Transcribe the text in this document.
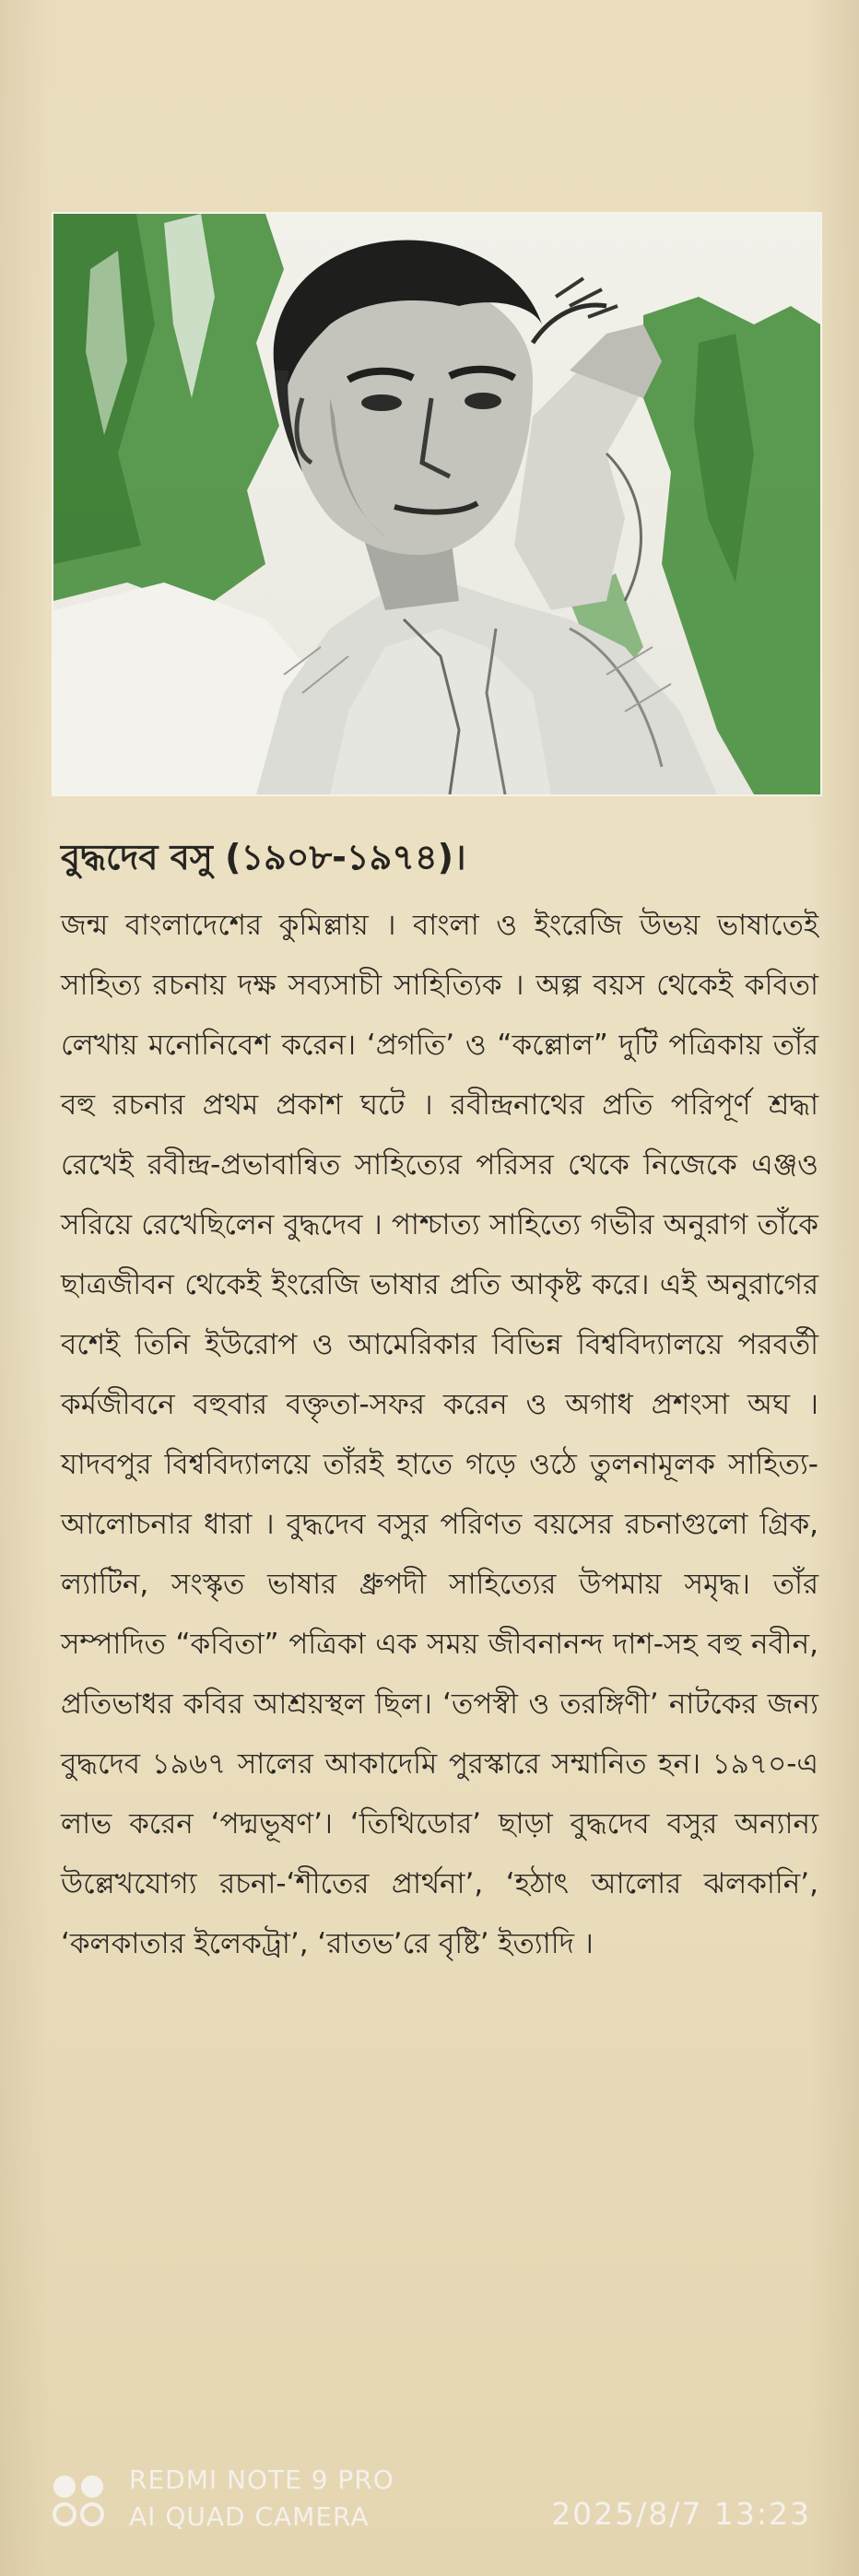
বুদ্ধদেব বসু (১৯০৮-১৯৭৪)।

জন্ম বাংলাদেশের কুমিল্লায় । বাংলা ও ইংরেজি উভয় ভাষাতেই সাহিত্য রচনায় দক্ষ সব্যসাচী সাহিত্যিক । অল্প বয়স থেকেই কবিতা লেখায় মনোনিবেশ করেন। ‘প্রগতি’ ও “কল্লোল” দুটি পত্রিকায় তাঁর বহু রচনার প্রথম প্রকাশ ঘটে । রবীন্দ্রনাথের প্রতি পরিপূর্ণ শ্রদ্ধা রেখেই রবীন্দ্র-প্রভাবান্বিত সাহিত্যের পরিসর থেকে নিজেকে এঞ্জও সরিয়ে রেখেছিলেন বুদ্ধদেব । পাশ্চাত্য সাহিত্যে গভীর অনুরাগ তাঁকে ছাত্রজীবন থেকেই ইংরেজি ভাষার প্রতি আকৃষ্ট করে। এই অনুরাগের বশেই তিনি ইউরোপ ও আমেরিকার বিভিন্ন বিশ্ববিদ্যালয়ে পরবর্তী কর্মজীবনে বহুবার বক্তৃতা-সফর করেন ও অগাধ প্রশংসা অঘ । যাদবপুর বিশ্ববিদ্যালয়ে তাঁরই হাতে গড়ে ওঠে তুলনামূলক সাহিত্য-আলোচনার ধারা । বুদ্ধদেব বসুর পরিণত বয়সের রচনাগুলো গ্রিক, ল্যাটিন, সংস্কৃত ভাষার ধ্রুপদী সাহিত্যের উপমায় সমৃদ্ধ। তাঁর সম্পাদিত “কবিতা” পত্রিকা এক সময় জীবনানন্দ দাশ-সহ বহু নবীন, প্রতিভাধর কবির আশ্রয়স্থল ছিল। ‘তপস্বী ও তরঙ্গিণী’ নাটকের জন্য বুদ্ধদেব ১৯৬৭ সালের আকাদেমি পুরস্কারে সম্মানিত হন। ১৯৭০-এ লাভ করেন ‘পদ্মভূষণ’। ‘তিথিডোর’ ছাড়া বুদ্ধদেব বসুর অন্যান্য উল্লেখযোগ্য রচনা-‘শীতের প্রার্থনা’, ‘হঠাৎ আলোর ঝলকানি’, ‘কলকাতার ইলেকট্রা’, ‘রাতভ’রে বৃষ্টি’ ইত্যাদি ।

REDMI NOTE 9 PRO
AI QUAD CAMERA	2025/8/7 13:23
